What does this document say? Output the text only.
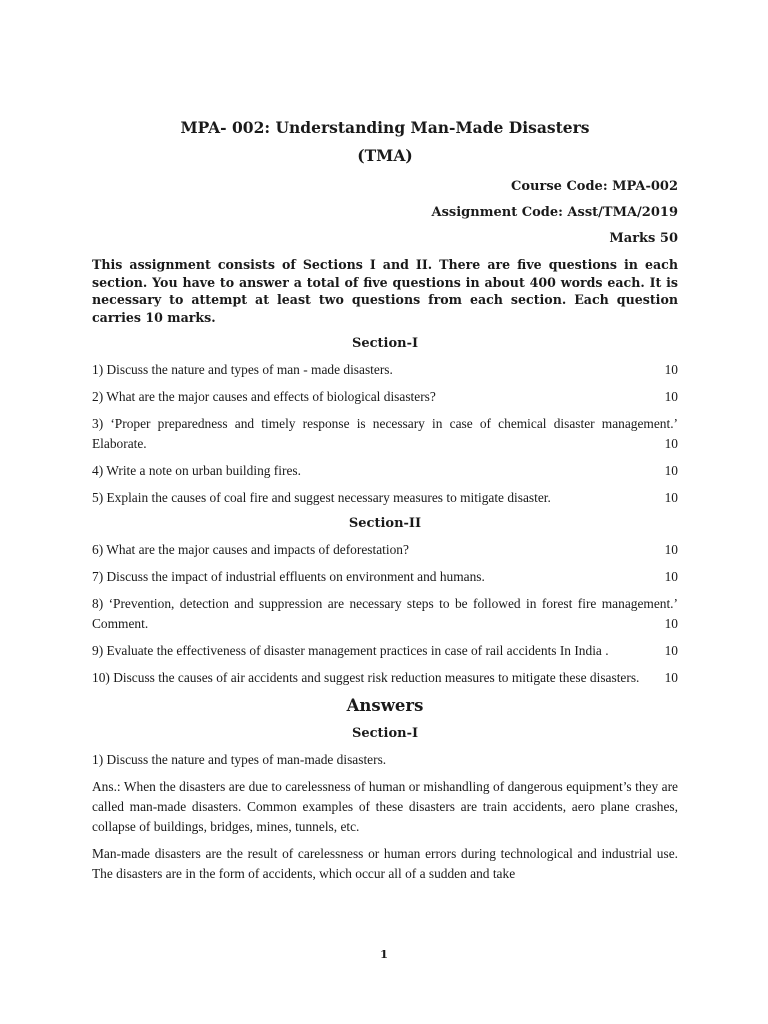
MPA- 002: Understanding Man-Made Disasters
(TMA)
Course Code: MPA-002
Assignment Code: Asst/TMA/2019
Marks 50
This assignment consists of Sections I and II. There are five questions in each section. You have to answer a total of five questions in about 400 words each. It is necessary to attempt at least two questions from each section. Each question carries 10 marks.
Section-I
1) Discuss the nature and types of man - made disasters.	10
2) What are the major causes and effects of biological disasters?	10
3) ‘Proper preparedness and timely response is necessary in case of chemical disaster management.’ Elaborate.	10
4) Write a note on urban building fires.	10
5) Explain the causes of coal fire and suggest necessary measures to mitigate disaster.	10
Section-II
6) What are the major causes and impacts of deforestation?	10
7) Discuss the impact of industrial effluents on environment and humans.	10
8) ‘Prevention, detection and suppression are necessary steps to be followed in forest fire management.’ Comment.	10
9) Evaluate the effectiveness of disaster management practices in case of rail accidents In India .	10
10) Discuss the causes of air accidents and suggest risk reduction measures to mitigate these disasters.	10
Answers
Section-I
1) Discuss the nature and types of man-made disasters.
Ans.: When the disasters are due to carelessness of human or mishandling of dangerous equipment’s they are called man-made disasters. Common examples of these disasters are train accidents, aero plane crashes, collapse of buildings, bridges, mines, tunnels, etc.
Man-made disasters are the result of carelessness or human errors during technological and industrial use. The disasters are in the form of accidents, which occur all of a sudden and take
1
